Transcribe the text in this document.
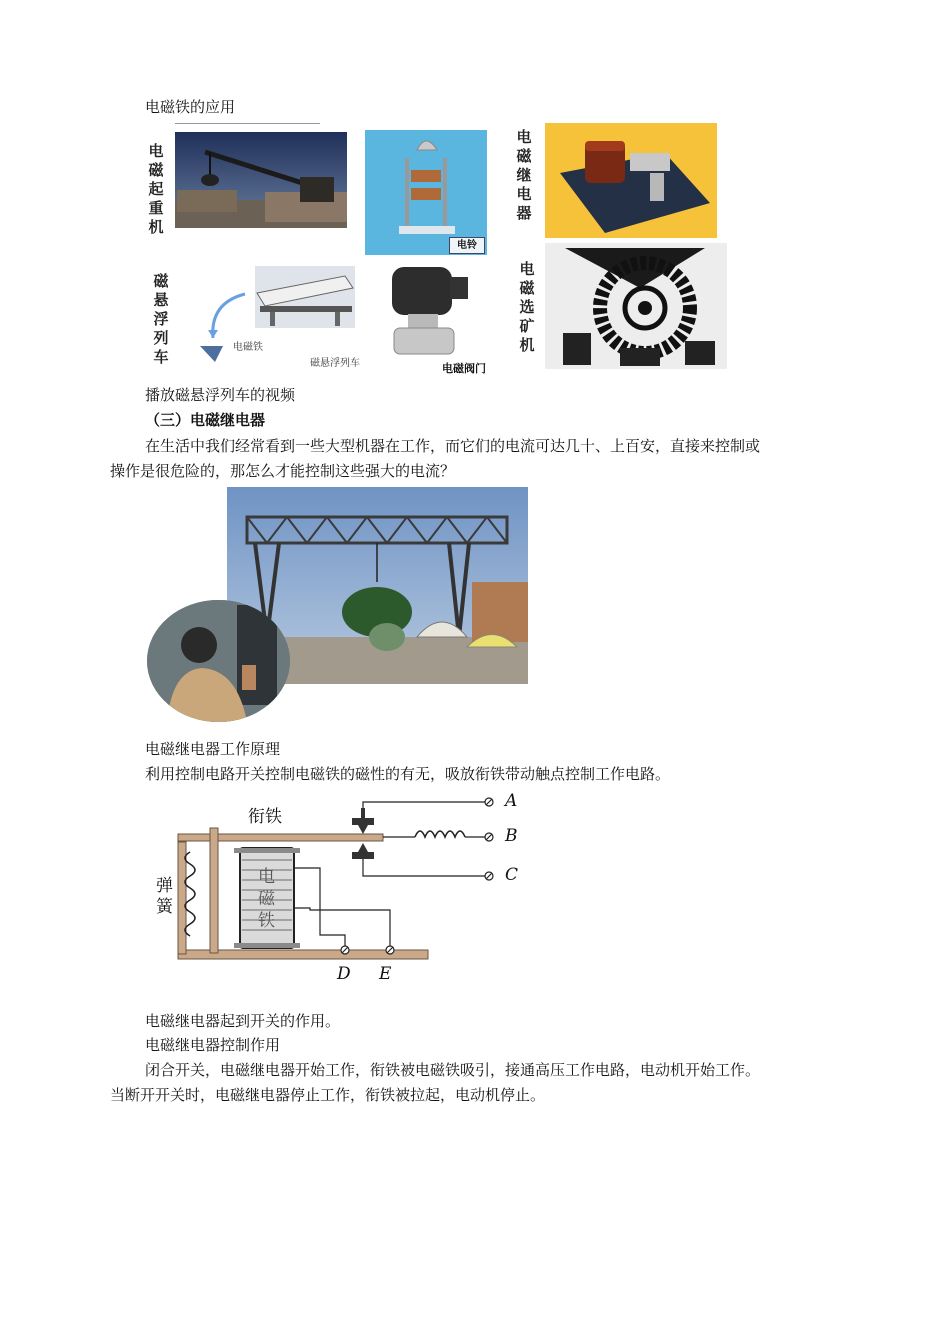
电磁铁的应用
电
磁
起
重
机
电铃
电
磁
继
电
器
磁
悬
浮
列
车
电磁铁
磁悬浮列车	电磁阀门
电
磁
选
矿
机
播放磁悬浮列车的视频
（三）电磁继电器
在生活中我们经常看到一些大型机器在工作，而它们的电流可达几十、上百安，直接来控制或
操作是很危险的，那怎么才能控制这些强大的电流？
电磁继电器工作原理
利用控制电路开关控制电磁铁的磁性的有无，吸放衔铁带动触点控制工作电路。
衔铁
弹簧
电磁铁
A
B
C
D E
电磁继电器起到开关的作用。
电磁继电器控制作用
闭合开关，电磁继电器开始工作，衔铁被电磁铁吸引，接通高压工作电路，电动机开始工作。
当断开开关时，电磁继电器停止工作，衔铁被拉起，电动机停止。
